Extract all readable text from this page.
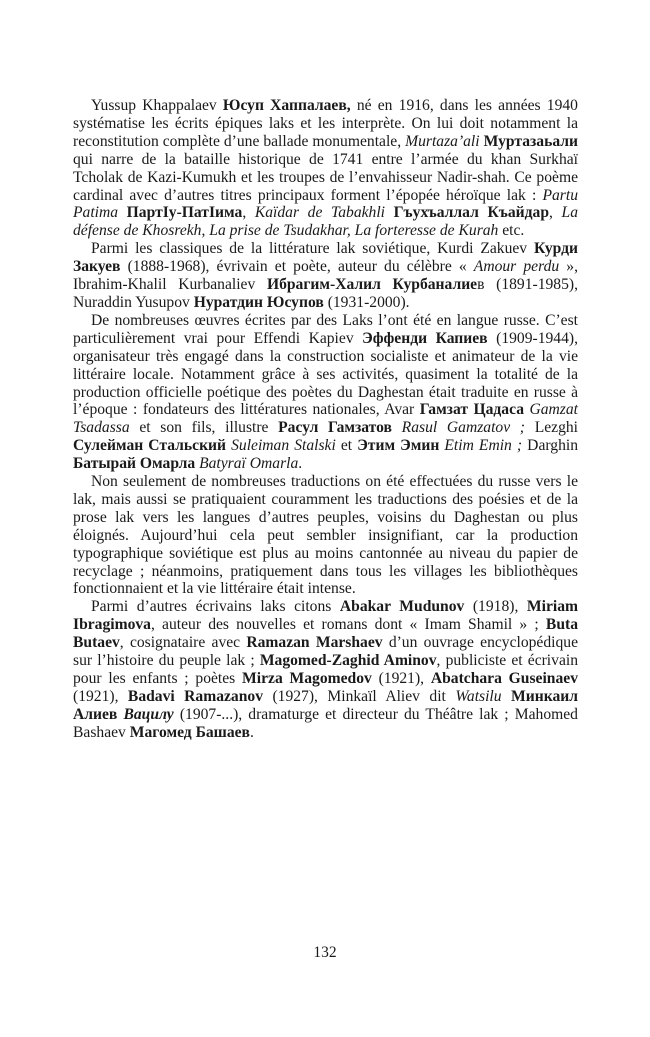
Yussup Khappalaev Юсуп Хаппалаев, né en 1916, dans les années 1940 systématise les écrits épiques laks et les interprète. On lui doit notamment la reconstitution complète d’une ballade monumentale, Murtaza’ali Муртазаьали qui narre de la bataille historique de 1741 entre l’armée du khan Surkhaï Tcholak de Kazi-Kumukh et les troupes de l’envahisseur Nadir-shah. Ce poème cardinal avec d’autres titres principaux forment l’épopée héroïque lak : Partu Patima ПартIу-ПатIима, Kaïdar de Tabakhli Гъухъаллал Къайдар, La défense de Khosrekh, La prise de Tsudakhar, La forteresse de Kurah etc.

Parmi les classiques de la littérature lak soviétique, Kurdi Zakuev Курди Закуев (1888-1968), évrivain et poète, auteur du célèbre « Amour perdu », Ibrahim-Khalil Kurbanaliev Ибрагим-Халил Курбаналиев (1891-1985), Nuraddin Yusupov Нуратдин Юсупов (1931-2000).

De nombreuses œuvres écrites par des Laks l’ont été en langue russe. C’est particulièrement vrai pour Effendi Kapiev Эффенди Капиев (1909-1944), organisateur très engagé dans la construction socialiste et animateur de la vie littéraire locale. Notamment grâce à ses activités, quasiment la totalité de la production officielle poétique des poètes du Daghestan était traduite en russe à l’époque : fondateurs des littératures nationales, Avar Гамзат Цадаса Gamzat Tsadassa et son fils, illustre Расул Гамзатов Rasul Gamzatov ; Lezghi Сулейман Стальский Suleiman Stalski et Этим Эмин Etim Emin ; Darghin Батырай Омарла Batyraï Omarla.

Non seulement de nombreuses traductions on été effectuées du russe vers le lak, mais aussi se pratiquaient couramment les traductions des poésies et de la prose lak vers les langues d’autres peuples, voisins du Daghestan ou plus éloignés. Aujourd’hui cela peut sembler insignifiant, car la production typographique soviétique est plus au moins cantonnée au niveau du papier de recyclage ; néanmoins, pratiquement dans tous les villages les bibliothèques fonctionnaient et la vie littéraire était intense.

Parmi d’autres écrivains laks citons Abakar Mudunov (1918), Miriam Ibragimova, auteur des nouvelles et romans dont « Imam Shamil » ; Buta Butaev, cosignataire avec Ramazan Marshaev d’un ouvrage encyclopédique sur l’histoire du peuple lak ; Magomed-Zaghid Aminov, publiciste et écrivain pour les enfants ; poètes Mirza Magomedov (1921), Abatchara Guseinaev (1921), Badavi Ramazanov (1927), Minkaïl Aliev dit Watsilu Минкаил Алиев Вацилу (1907-...), dramaturge et directeur du Théâtre lak ; Mahomed Bashaev Магомед Башаев.

132
